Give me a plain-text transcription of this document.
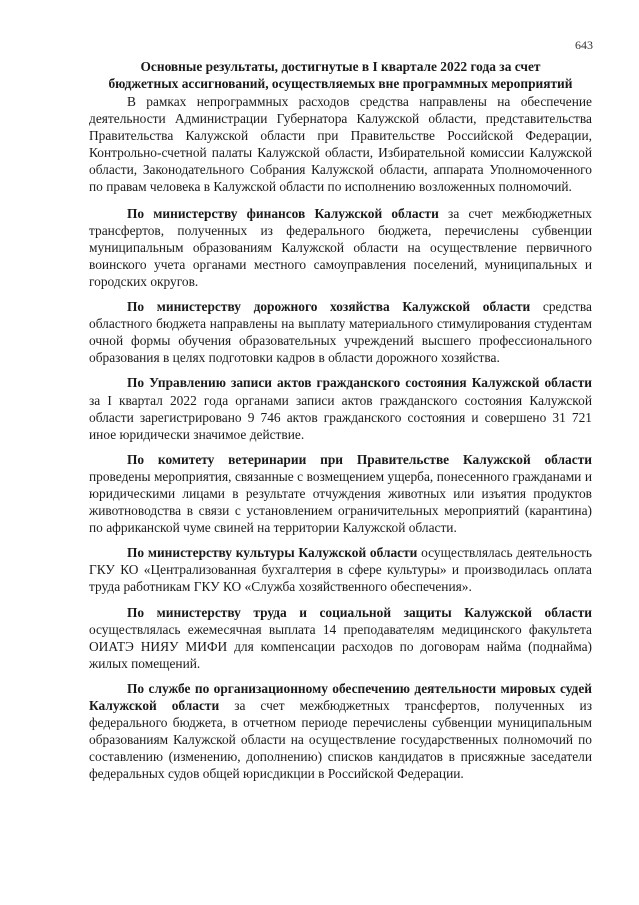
643
Основные результаты, достигнутые в I квартале 2022 года за счет
бюджетных ассигнований, осуществляемых вне программных мероприятий

В рамках непрограммных расходов средства направлены на обеспечение деятельности Администрации Губернатора Калужской области, представительства Правительства Калужской области при Правительстве Российской Федерации, Контрольно-счетной палаты Калужской области, Избирательной комиссии Калужской области, Законодательного Собрания Калужской области, аппарата Уполномоченного по правам человека в Калужской области по исполнению возложенных полномочий.

По министерству финансов Калужской области за счет межбюджетных трансфертов, полученных из федерального бюджета, перечислены субвенции муниципальным образованиям Калужской области на осуществление первичного воинского учета органами местного самоуправления поселений, муниципальных и городских округов.

По министерству дорожного хозяйства Калужской области средства областного бюджета направлены на выплату материального стимулирования студентам очной формы обучения образовательных учреждений высшего профессионального образования в целях подготовки кадров в области дорожного хозяйства.

По Управлению записи актов гражданского состояния Калужской области за I квартал 2022 года органами записи актов гражданского состояния Калужской области зарегистрировано 9 746 актов гражданского состояния и совершено 31 721 иное юридически значимое действие.

По комитету ветеринарии при Правительстве Калужской области проведены мероприятия, связанные с возмещением ущерба, понесенного гражданами и юридическими лицами в результате отчуждения животных или изъятия продуктов животноводства в связи с установлением ограничительных мероприятий (карантина) по африканской чуме свиней на территории Калужской области.

По министерству культуры Калужской области осуществлялась деятельность ГКУ КО «Централизованная бухгалтерия в сфере культуры» и производилась оплата труда работникам ГКУ КО «Служба хозяйственного обеспечения».

По министерству труда и социальной защиты Калужской области осуществлялась ежемесячная выплата 14 преподавателям медицинского факультета ОИАТЭ НИЯУ МИФИ для компенсации расходов по договорам найма (поднайма) жилых помещений.

По службе по организационному обеспечению деятельности мировых судей Калужской области за счет межбюджетных трансфертов, полученных из федерального бюджета, в отчетном периоде перечислены субвенции муниципальным образованиям Калужской области на осуществление государственных полномочий по составлению (изменению, дополнению) списков кандидатов в присяжные заседатели федеральных судов общей юрисдикции в Российской Федерации.
